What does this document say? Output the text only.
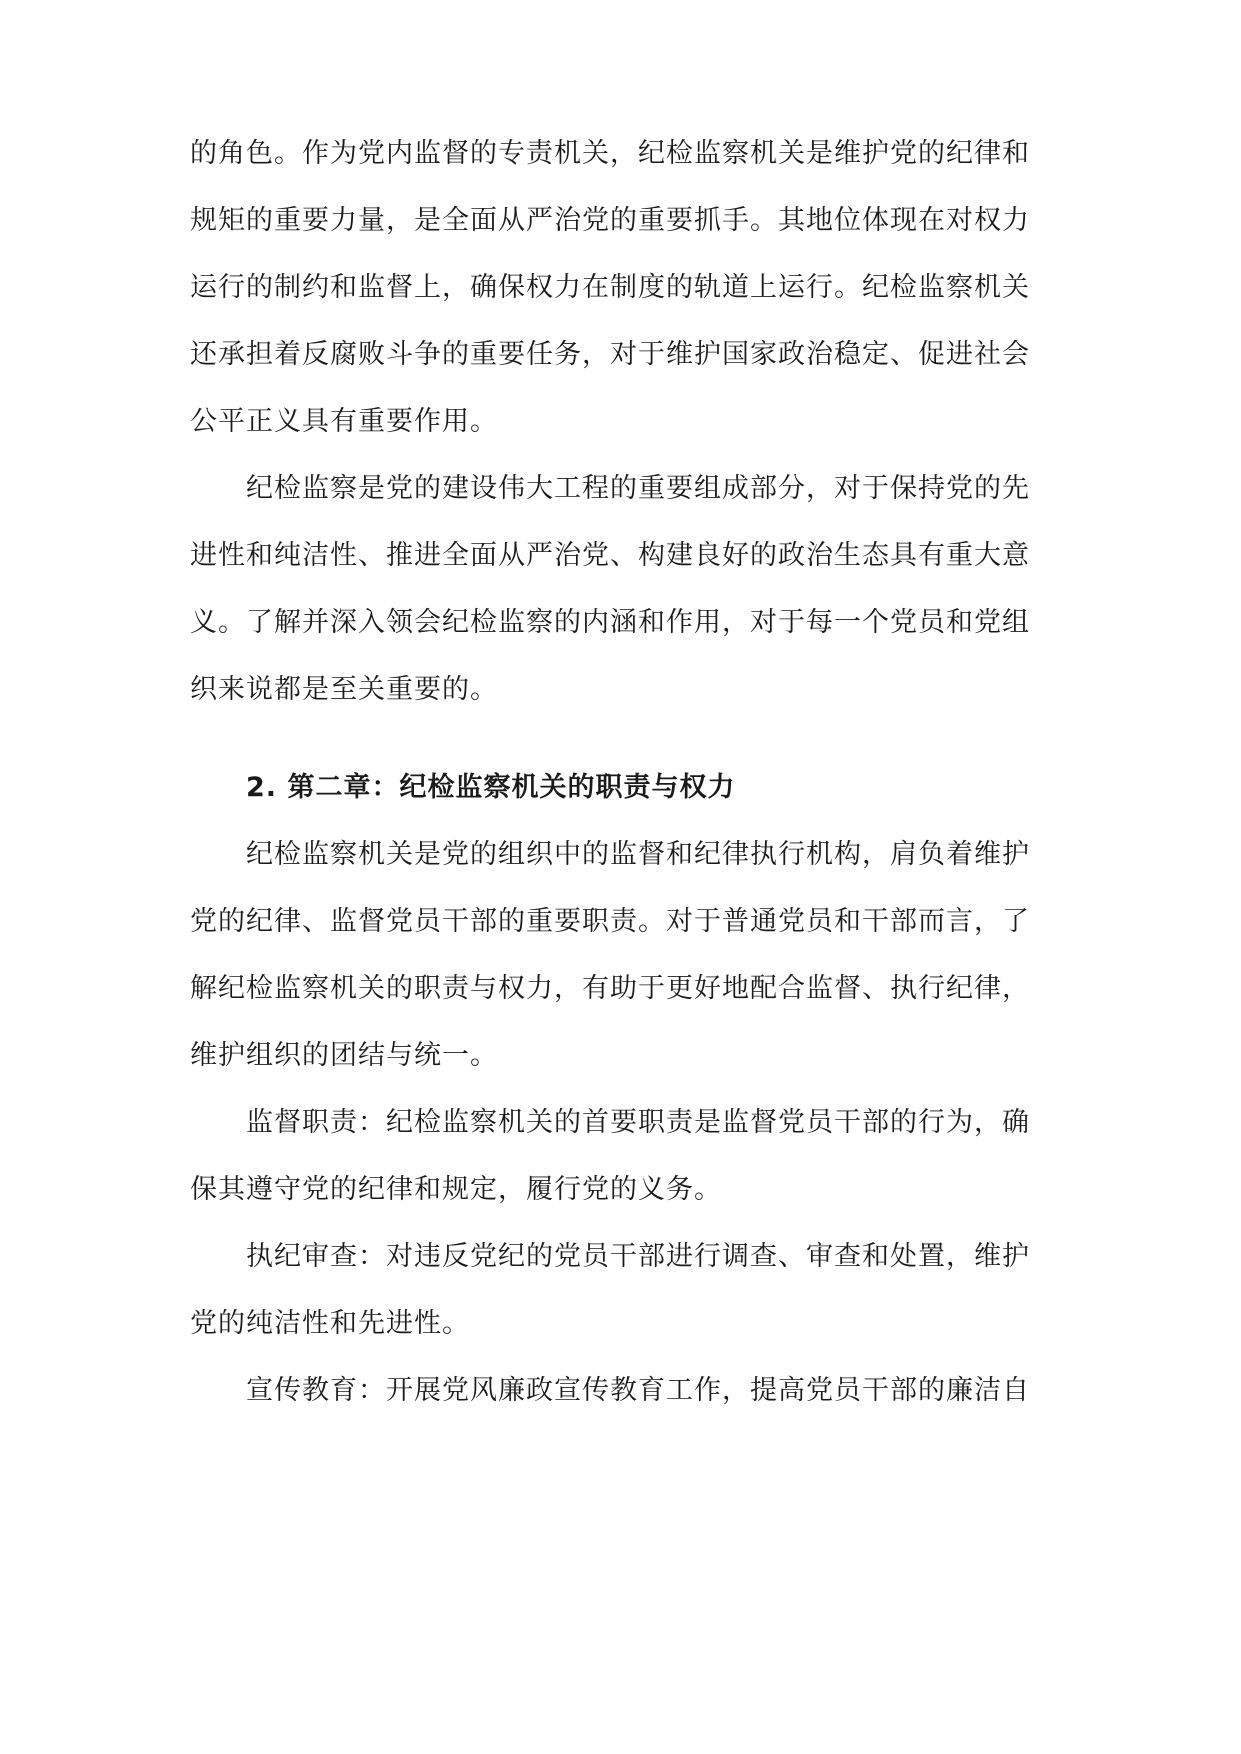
的角色。作为党内监督的专责机关，纪检监察机关是维护党的纪律和
规矩的重要力量，是全面从严治党的重要抓手。其地位体现在对权力
运行的制约和监督上，确保权力在制度的轨道上运行。纪检监察机关
还承担着反腐败斗争的重要任务，对于维护国家政治稳定、促进社会
公平正义具有重要作用。
纪检监察是党的建设伟大工程的重要组成部分，对于保持党的先
进性和纯洁性、推进全面从严治党、构建良好的政治生态具有重大意
义。了解并深入领会纪检监察的内涵和作用，对于每一个党员和党组
织来说都是至关重要的。
2. 第二章：纪检监察机关的职责与权力
纪检监察机关是党的组织中的监督和纪律执行机构，肩负着维护
党的纪律、监督党员干部的重要职责。对于普通党员和干部而言，了
解纪检监察机关的职责与权力，有助于更好地配合监督、执行纪律，
维护组织的团结与统一。
监督职责：纪检监察机关的首要职责是监督党员干部的行为，确
保其遵守党的纪律和规定，履行党的义务。
执纪审查：对违反党纪的党员干部进行调查、审查和处置，维护
党的纯洁性和先进性。
宣传教育：开展党风廉政宣传教育工作，提高党员干部的廉洁自
